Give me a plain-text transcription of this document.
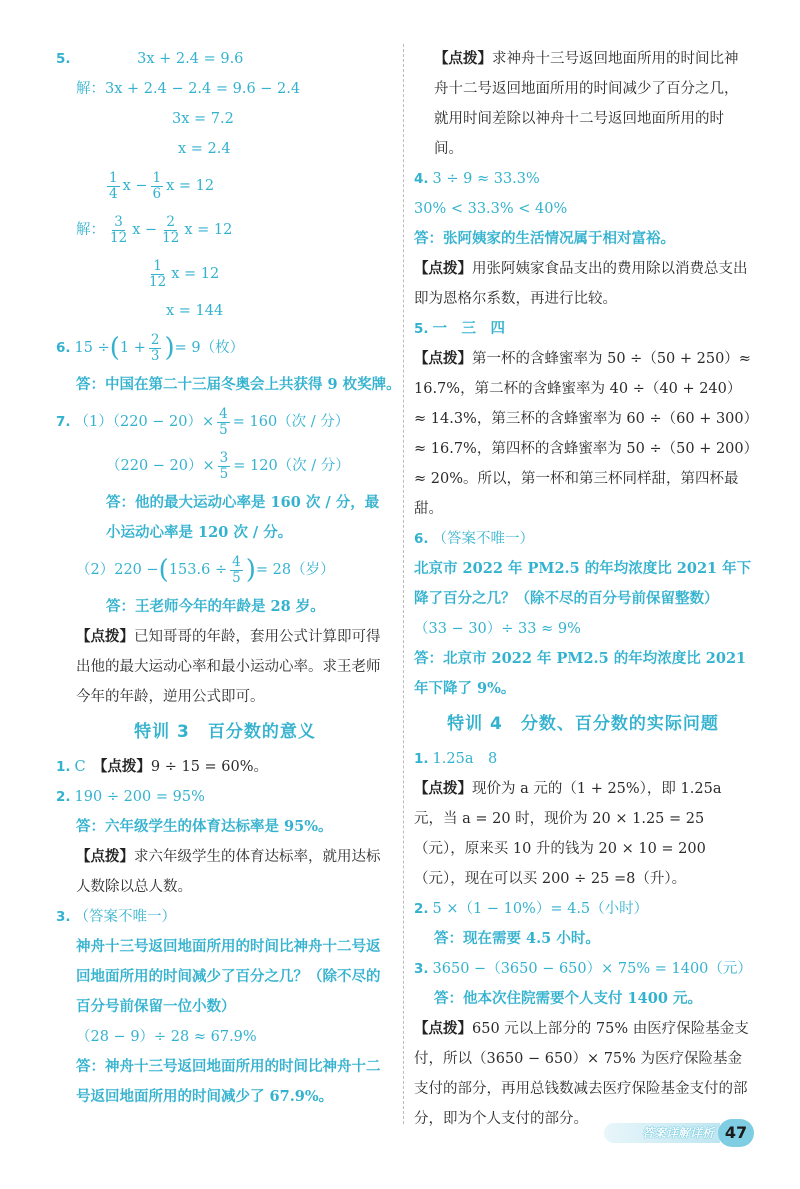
5.	3x + 2.4 = 9.6
解：3x + 2.4 − 2.4 = 9.6 − 2.4
3x = 7.2
x = 2.4
$\frac{1}{4}$ $x - \frac{1}{6}$ x = 12
解： $\frac{3}{12}$ $x - \frac{2}{12}$ x = 12
$\frac{1}{12}$ x = 12
x = 144
6. $15 \div(1 + \frac{2}{3}$ )= 9（枚）
答：中国在第二十三届冬奥会上共获得 9 枚奖牌。
7. $(1)(220 - 20)\times \frac{4}{5} = 160$（次 / 分）
$(220 - 20)\times \frac{3}{5} = 120$（次 / 分）
答：他的最大运动心率是 160 次 / 分，最
小运动心率是 120 次 / 分。
$(2)220 -(153.6 \div \frac{4}{5}$ )= 28（岁）
答：王老师今年的年龄是 28 岁。
【点拨】已知哥哥的年龄，套用公式计算即可得出他的最大运动心率和最小运动心率。求王老师今年的年龄，逆用公式即可。
特训 3　百分数的意义
1. C　【点拨】9 ÷ 15 = 60%。
2. 190 ÷ 200 = 95%
答：六年级学生的体育达标率是 95%。
【点拨】求六年级学生的体育达标率，就用达标人数除以总人数。
3. （答案不唯一）
神舟十三号返回地面所用的时间比神舟十二号返回地面所用的时间减少了百分之几？（除不尽的百分号前保留一位小数）
（28 − 9）÷ 28 ≈ 67.9%
答：神舟十三号返回地面所用的时间比神舟十二号返回地面所用的时间减少了 67.9%。
【点拨】求神舟十三号返回地面所用的时间比神舟十二号返回地面所用的时间减少了百分之几，就用时间差除以神舟十二号返回地面所用的时间。
4. 3 ÷ 9 ≈ 33.3%
30% < 33.3% < 40%
答：张阿姨家的生活情况属于相对富裕。
【点拨】用张阿姨家食品支出的费用除以消费总支出即为恩格尔系数，再进行比较。
5. 一　三　四
【点拨】第一杯的含蜂蜜率为 50 ÷（50 + 250）≈ 16.7%，第二杯的含蜂蜜率为 40 ÷（40 + 240）≈ 14.3%，第三杯的含蜂蜜率为 60 ÷（60 + 300）≈ 16.7%，第四杯的含蜂蜜率为 50 ÷（50 + 200）≈ 20%。所以，第一杯和第三杯同样甜，第四杯最甜。
6. （答案不唯一）
北京市 2022 年 PM2.5 的年均浓度比 2021 年下降了百分之几？（除不尽的百分号前保留整数）
（33 − 30）÷ 33 ≈ 9%
答：北京市 2022 年 PM2.5 的年均浓度比 2021 年下降了 9%。
特训 4　分数、百分数的实际问题
1. 1.25a　8
【点拨】现价为 a 元的（1 + 25%），即 1.25a 元，当 a = 20 时，现价为 20 × 1.25 = 25（元），原来买 10 升的钱为 20 × 10 = 200（元），现在可以买 200 ÷ 25 =8（升）。
2. 5 ×（1 − 10%）= 4.5（小时）
答：现在需要 4.5 小时。
3. 3650 −（3650 − 650）× 75% = 1400（元）
答：他本次住院需要个人支付 1400 元。
【点拨】650 元以上部分的 75% 由医疗保险基金支付，所以（3650 − 650）× 75% 为医疗保险基金支付的部分，再用总钱数减去医疗保险基金支付的部分，即为个人支付的部分。
答案详解详析 47
